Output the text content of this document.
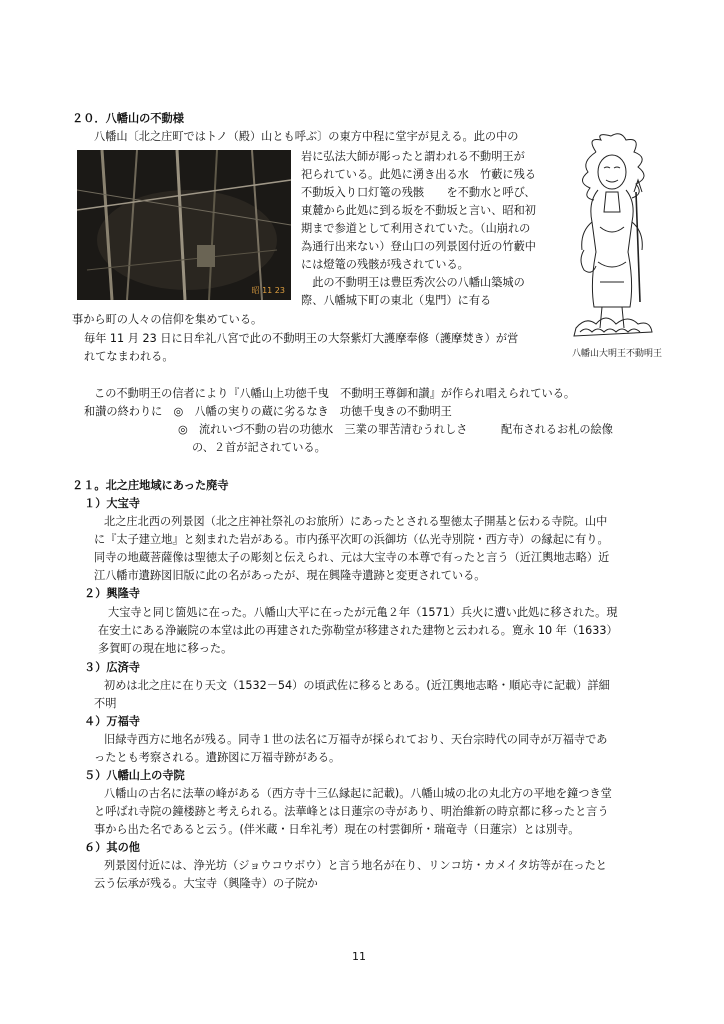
２０．八幡山の不動様
八幡山〔北之庄町ではトノ（殿）山とも呼ぶ〕の東方中程に堂宇が見える。此の中の
昭 11 23
岩に弘法大師が彫ったと謂われる不動明王が
祀られている。此処に湧き出る水　竹藪に残る
不動坂入り口灯篭の残骸　　を不動水と呼び、
東麓から此処に到る坂を不動坂と言い、昭和初
期まで参道として利用されていた。（山崩れの
為通行出来ない）登山口の列景図付近の竹藪中
には燈篭の残骸が残されている。
　此の不動明王は豊臣秀次公の八幡山築城の
際、八幡城下町の東北（鬼門）に有る
事から町の人々の信仰を集めている。
毎年 11 月 23 日に日牟礼八宮で此の不動明王の大祭紫灯大護摩奉修（護摩焚き）が営
れてなまわれる。	八幡山大明王不動明王
この不動明王の信者により『八幡山上功徳千曳　不動明王尊御和讃』が作られ唱えられている。
和讃の終わりに　◎　八幡の実りの蔵に劣るなき　功徳千曳きの不動明王
◎　流れいづ不動の岩の功徳水　三業の罪苦清むうれしさ　　　配布されるお札の絵像
の、２首が記されている。
２１。北之庄地域にあった廃寺
１）大宝寺
北之庄北西の列景図（北之庄神社祭礼のお旅所）にあったとされる聖徳太子開基と伝わる寺院。山中
に『太子建立地』と刻まれた岩がある。市内孫平次町の浜御坊（仏光寺別院・西方寺）の縁起に有り。
同寺の地蔵菩薩像は聖徳太子の彫刻と伝えられ、元は大宝寺の本尊で有ったと言う（近江輿地志略）近
江八幡市遺跡図旧版に此の名があったが、現在興隆寺遺跡と変更されている。
２）興隆寺
大宝寺と同じ箇処に在った。八幡山大平に在ったが元亀２年（1571）兵火に遭い此処に移された。現
在安土にある浄巌院の本堂は此の再建された弥勒堂が移建された建物と云われる。寛永 10 年（1633）
多賀町の現在地に移った。
３）広済寺
初めは北之庄に在り天文（1532－54）の頃武佐に移るとある。(近江輿地志略・順応寺に記載）詳細
不明
４）万福寺
旧緑寺西方に地名が残る。同寺１世の法名に万福寺が採られており、天台宗時代の同寺が万福寺であ
ったとも考察される。遺跡図に万福寺跡がある。
５）八幡山上の寺院
八幡山の古名に法華の峰がある（西方寺十三仏縁起に記載)。八幡山城の北の丸北方の平地を鐘つき堂
と呼ばれ寺院の鐘楼跡と考えられる。法華峰とは日蓮宗の寺があり、明治維新の時京都に移ったと言う
事から出た名であると云う。(伴米蔵・日牟礼考）現在の村雲御所・瑞竜寺（日蓮宗）とは別寺。
６）其の他
列景図付近には、浄光坊（ジョウコウボウ）と言う地名が在り、リンコ坊・カメイタ坊等が在ったと
云う伝承が残る。大宝寺（興隆寺）の子院か
11
